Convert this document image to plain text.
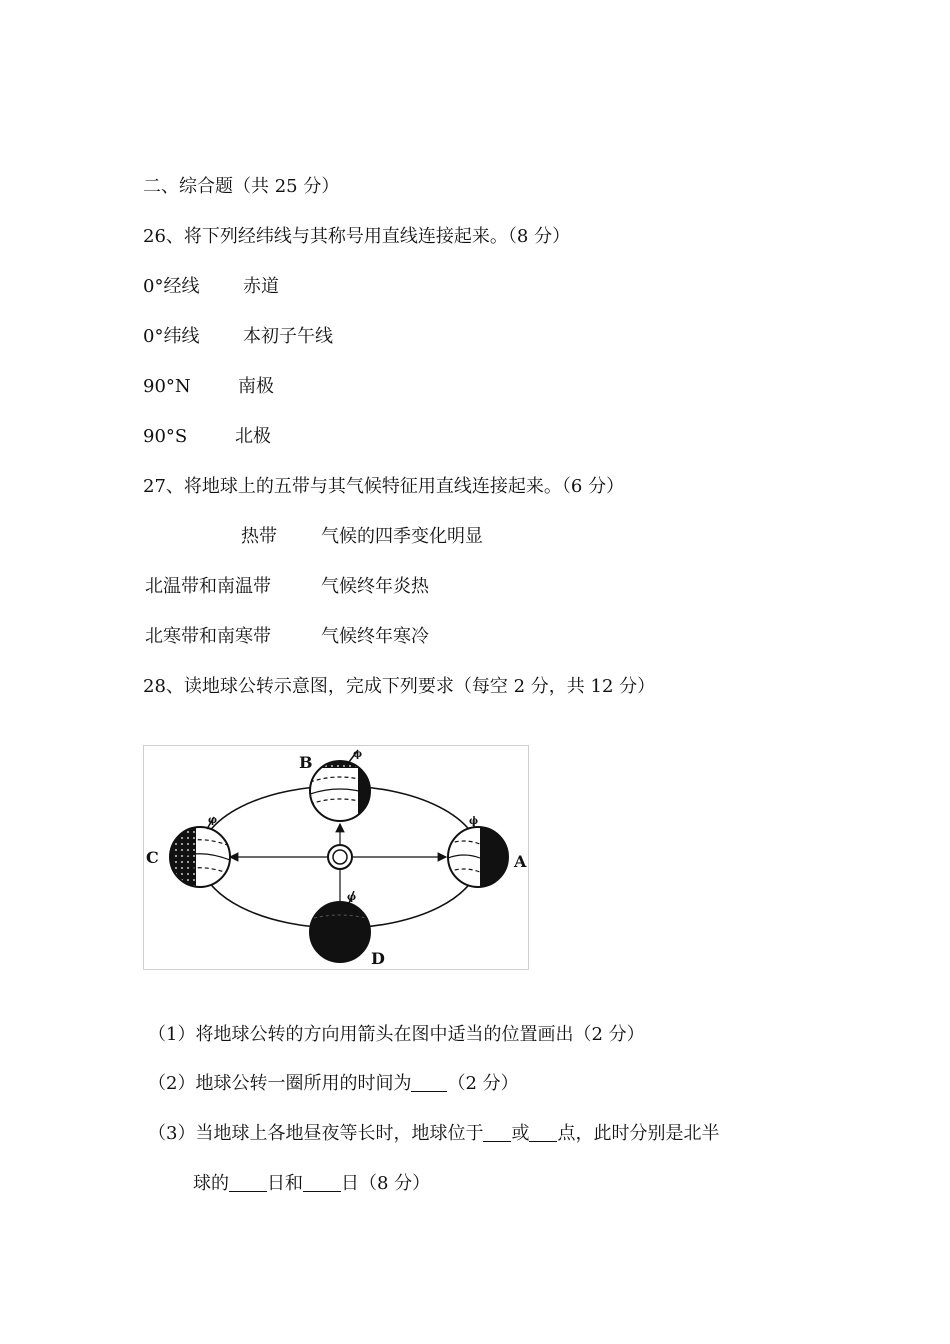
二、综合题（共 25 分）
26、将下列经纬线与其称号用直线连接起来。（8 分）
0°经线 赤道
0°纬线 本初子午线
90°N	南极
90°S	北极
27、将地球上的五带与其气候特征用直线连接起来。（6 分）
热带 气候的四季变化明显
北温带和南温带	气候终年炎热
北寒带和南寒带	气候终年寒冷
28、读地球公转示意图，完成下列要求（每空 2 分，共 12 分）
φ
φ	φ
φ
B
C	A
D
（1）将地球公转的方向用箭头在图中适当的位置画出（2 分）
（2）地球公转一圈所用的时间为 （2 分）
（3）当地球上各地昼夜等长时，地球位于 或 点，此时分别是北半
球的 日和 日（8 分）
